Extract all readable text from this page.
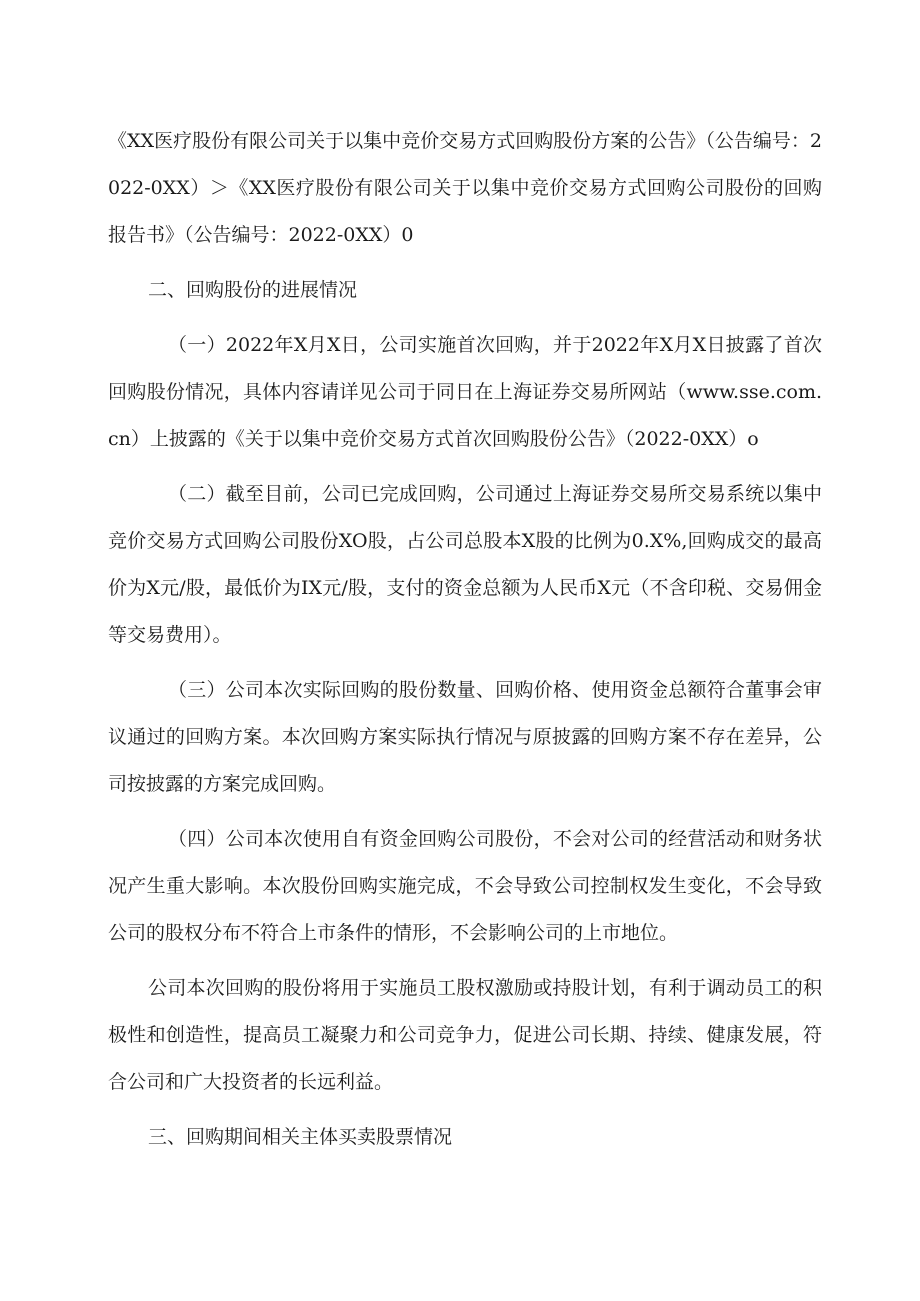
《XX医疗股份有限公司关于以集中竞价交易方式回购股份方案的公告》（公告编号：2022-0XX）＞《XX医疗股份有限公司关于以集中竞价交易方式回购公司股份的回购报告书》（公告编号：2022-0XX）0

二、回购股份的进展情况

（一）2022年X月X日，公司实施首次回购，并于2022年X月X日披露了首次回购股份情况，具体内容请详见公司于同日在上海证券交易所网站（www.sse.com.cn）上披露的《关于以集中竞价交易方式首次回购股份公告》（2022-0XX）o

（二）截至目前，公司已完成回购，公司通过上海证券交易所交易系统以集中竞价交易方式回购公司股份XO股，占公司总股本X股的比例为0.X%,回购成交的最高价为X元/股，最低价为IX元/股，支付的资金总额为人民币X元（不含印税、交易佣金等交易费用）。

（三）公司本次实际回购的股份数量、回购价格、使用资金总额符合董事会审议通过的回购方案。本次回购方案实际执行情况与原披露的回购方案不存在差异，公司按披露的方案完成回购。

（四）公司本次使用自有资金回购公司股份，不会对公司的经营活动和财务状况产生重大影响。本次股份回购实施完成，不会导致公司控制权发生变化，不会导致公司的股权分布不符合上市条件的情形，不会影响公司的上市地位。

公司本次回购的股份将用于实施员工股权激励或持股计划，有利于调动员工的积极性和创造性，提高员工凝聚力和公司竞争力，促进公司长期、持续、健康发展，符合公司和广大投资者的长远利益。

三、回购期间相关主体买卖股票情况
